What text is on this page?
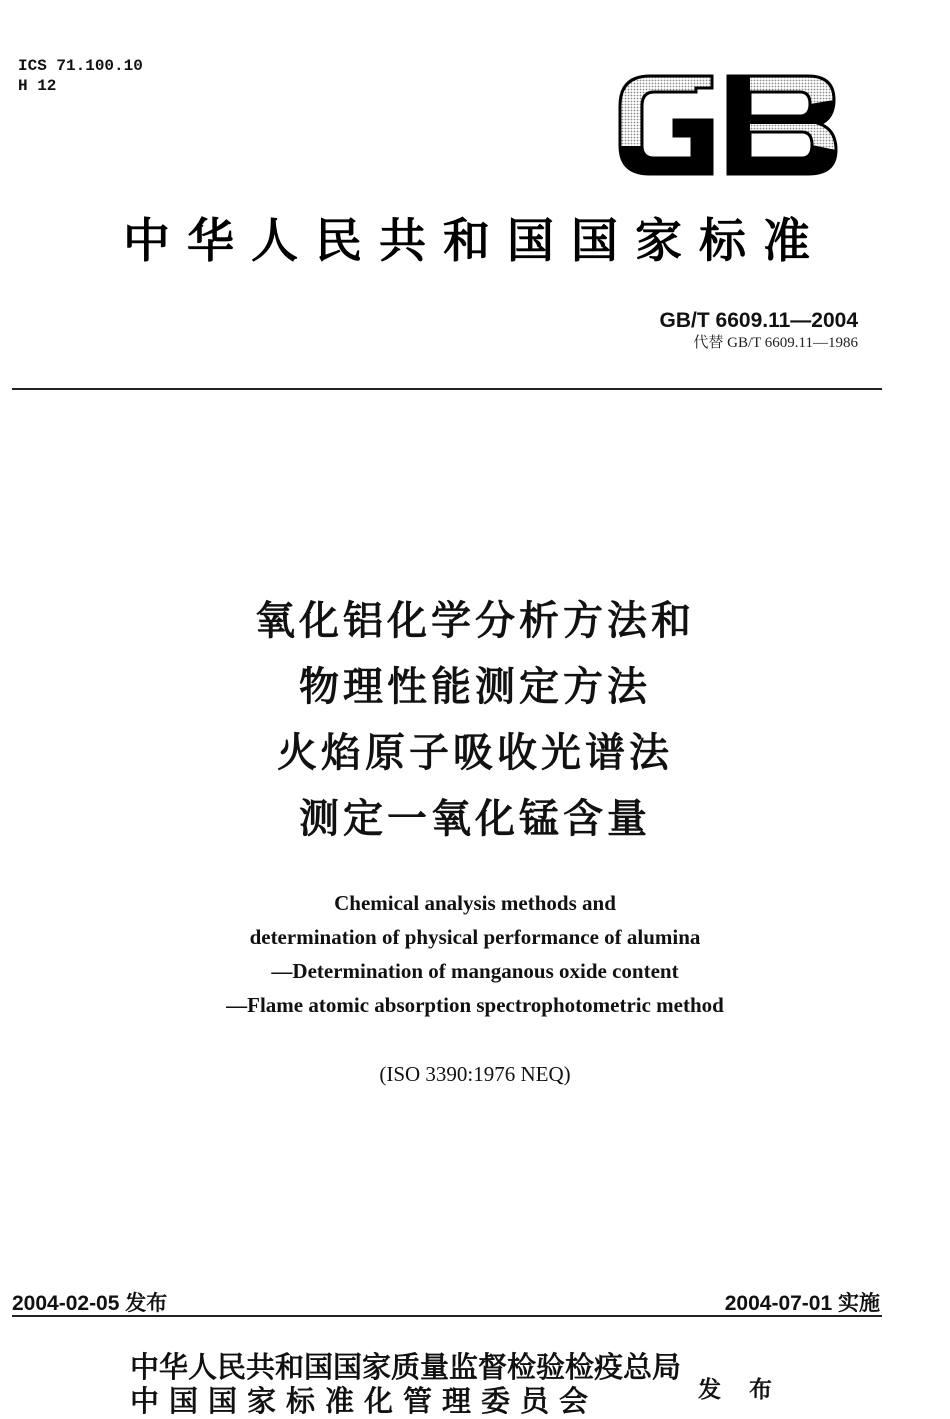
ICS 71.100.10
H 12
中华人民共和国国家标准
GB/T 6609.11—2004
代替 GB/T 6609.11—1986
氧化铝化学分析方法和
物理性能测定方法
火焰原子吸收光谱法
测定一氧化锰含量
Chemical analysis methods and
determination of physical performance of alumina
—Determination of manganous oxide content
—Flame atomic absorption spectrophotometric method
(ISO 3390:1976 NEQ)
2004-02-05 发布	2004-07-01 实施
中华人民共和国国家质量监督检验检疫总局
中国国家标准化管理委员会	发 布
